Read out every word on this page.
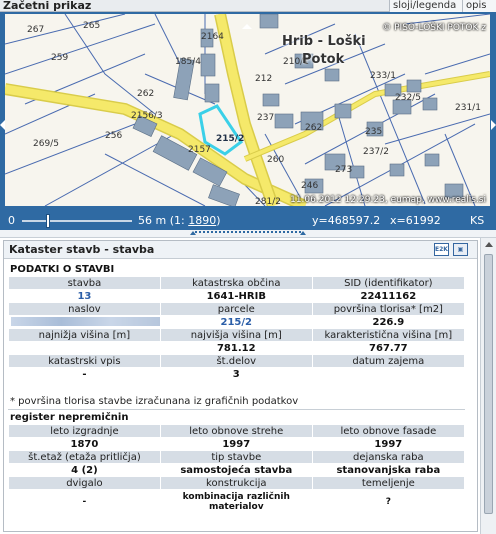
Začetni prikaz	sloji/legenda opis
267	265
259
262
256
269/5
2156/3
2157
185/4
2164
212
237
210/1
260
262	235
237/2
233/1
232/5
231/1
273
246
281/2
215/2
Hrib - Loški
Potok
© PISO-LOŠKI POTOK z
11.06.2012 12:29:23, eumap, www.realis.si
0	56 m (1: 1890)	y=468597.2 x=61992	KS
Kataster stavb - stavba	E2K	▣
PODATKI O STAVBI
stavba	katastrska občina	SID (identifikator)
13	1641-HRIB	22411162
naslov	parcele	površina tlorisa* [m2]
	215/2	226.9
najnižja višina [m]	najvišja višina [m]	karakteristična višina [m]
	781.12	767.77
katastrski vpis	št.delov	datum zajema
-	3	
* površina tlorisa stavbe izračunana iz grafičnih podatkov
register nepremičnin
leto izgradnje	leto obnove strehe	leto obnove fasade
1870	1997	1997
št.etaž (etaža pritličja)	tip stavbe	dejanska raba
4 (2)	samostojeća stavba	stanovanjska raba
dvigalo	konstrukcija	temeljenje
-	kombinacija različnih materialov	?
